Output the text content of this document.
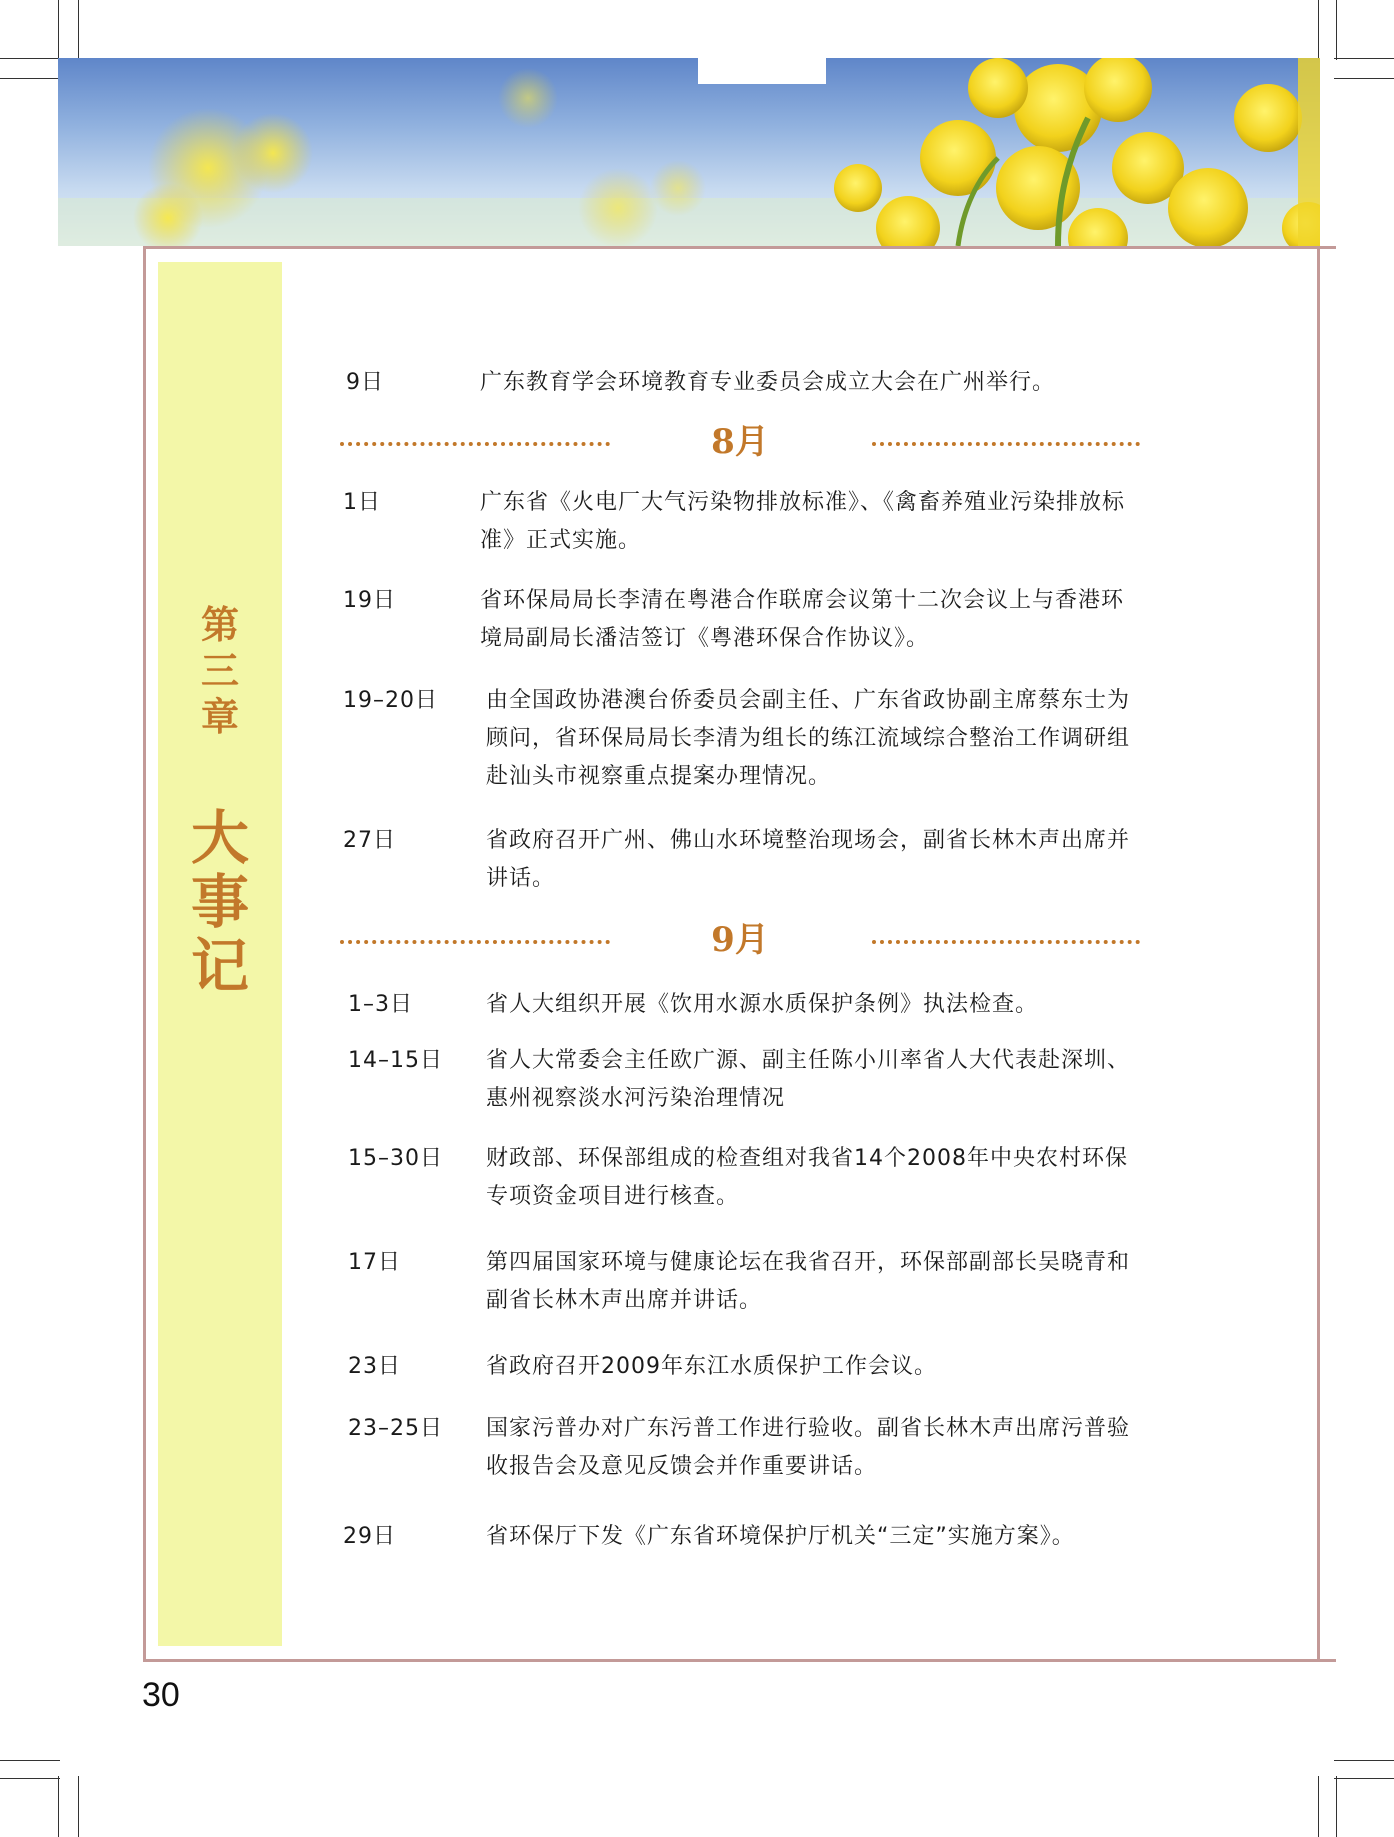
第
三
章
大
事
记
9日	广东教育学会环境教育专业委员会成立大会在广州举行。
8月
1日	广东省《火电厂大气污染物排放标准》、《禽畜养殖业污染排放标准》正式实施。
19日	省环保局局长李清在粤港合作联席会议第十二次会议上与香港环境局副局长潘洁签订《粤港环保合作协议》。
19–20日 由全国政协港澳台侨委员会副主任、广东省政协副主席蔡东士为顾问，省环保局局长李清为组长的练江流域综合整治工作调研组赴汕头市视察重点提案办理情况。
27日	省政府召开广州、佛山水环境整治现场会，副省长林木声出席并讲话。
9月
1–3日	省人大组织开展《饮用水源水质保护条例》执法检查。
14–15日 省人大常委会主任欧广源、副主任陈小川率省人大代表赴深圳、惠州视察淡水河污染治理情况
15–30日 财政部、环保部组成的检查组对我省14个2008年中央农村环保专项资金项目进行核查。
17日	第四届国家环境与健康论坛在我省召开，环保部副部长吴晓青和副省长林木声出席并讲话。
23日	省政府召开2009年东江水质保护工作会议。
23–25日 国家污普办对广东污普工作进行验收。副省长林木声出席污普验收报告会及意见反馈会并作重要讲话。
29日	省环保厅下发《广东省环境保护厅机关“三定”实施方案》。
30
